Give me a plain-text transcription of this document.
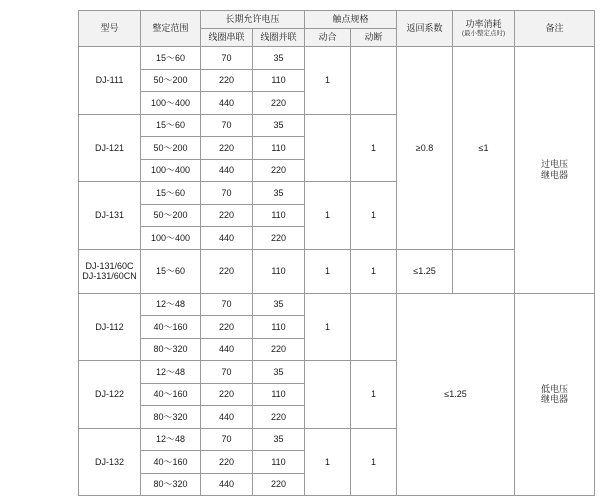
型号	整定范围	长期允许电压		触点规格		返回系数	功率消耗
(最小整定点时)	备注
		线圈串联	线圈并联	动合	动断			
DJ-111	15～60	70	35	1		≥0.8	≤1	过电压
继电器
	50～200	220	110					
	100～400	440	220					
DJ-121	15～60	70	35		1			
	50～200	220	110					
	100～400	440	220					
DJ-131	15～60	70	35	1	1			
	50～200	220	110					
	100～400	440	220					
DJ-131/60C
DJ-131/60CN	15～60	220	110	1	1	≤1.25		
DJ-112	12～48	70	35	1		≤1.25		低电压
继电器
	40～160	220	110					
	80～320	440	220					
DJ-122	12～48	70	35		1			
	40～160	220	110					
	80～320	440	220					
DJ-132	12～48	70	35	1	1			
	40～160	220	110					
	80～320	440	220					
